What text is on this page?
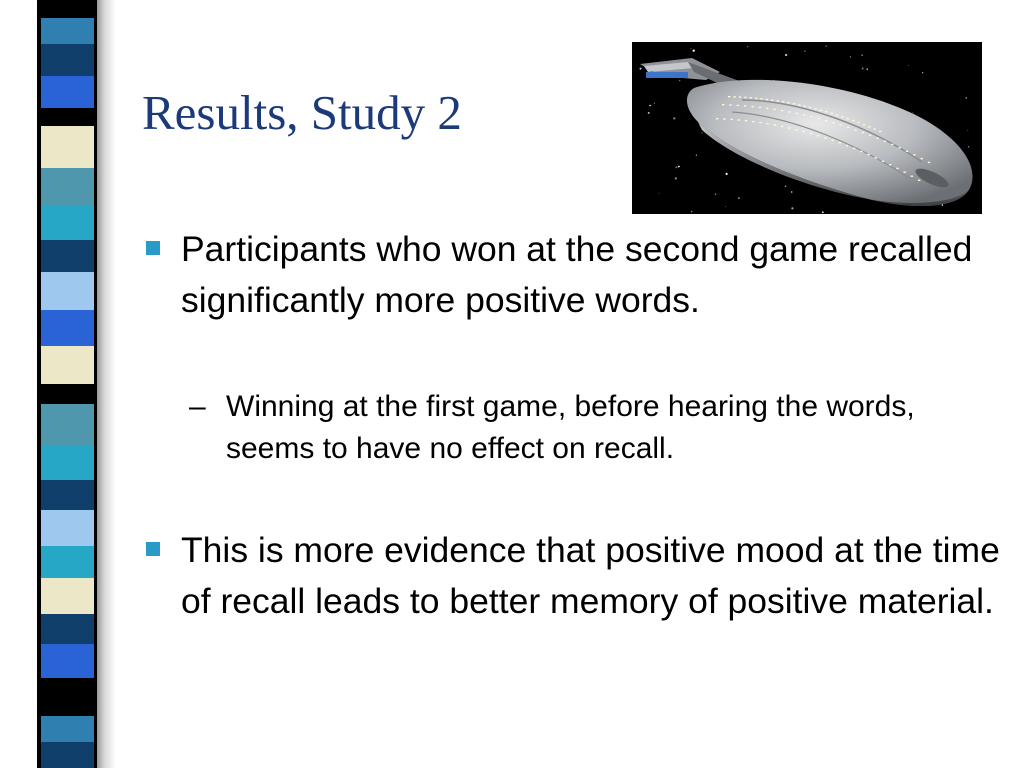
Results, Study 2
Participants who won at the second game recalled significantly more positive words.
– Winning at the first game, before hearing the words, seems to have no effect on recall.
This is more evidence that positive mood at the time of recall leads to better memory of positive material.
